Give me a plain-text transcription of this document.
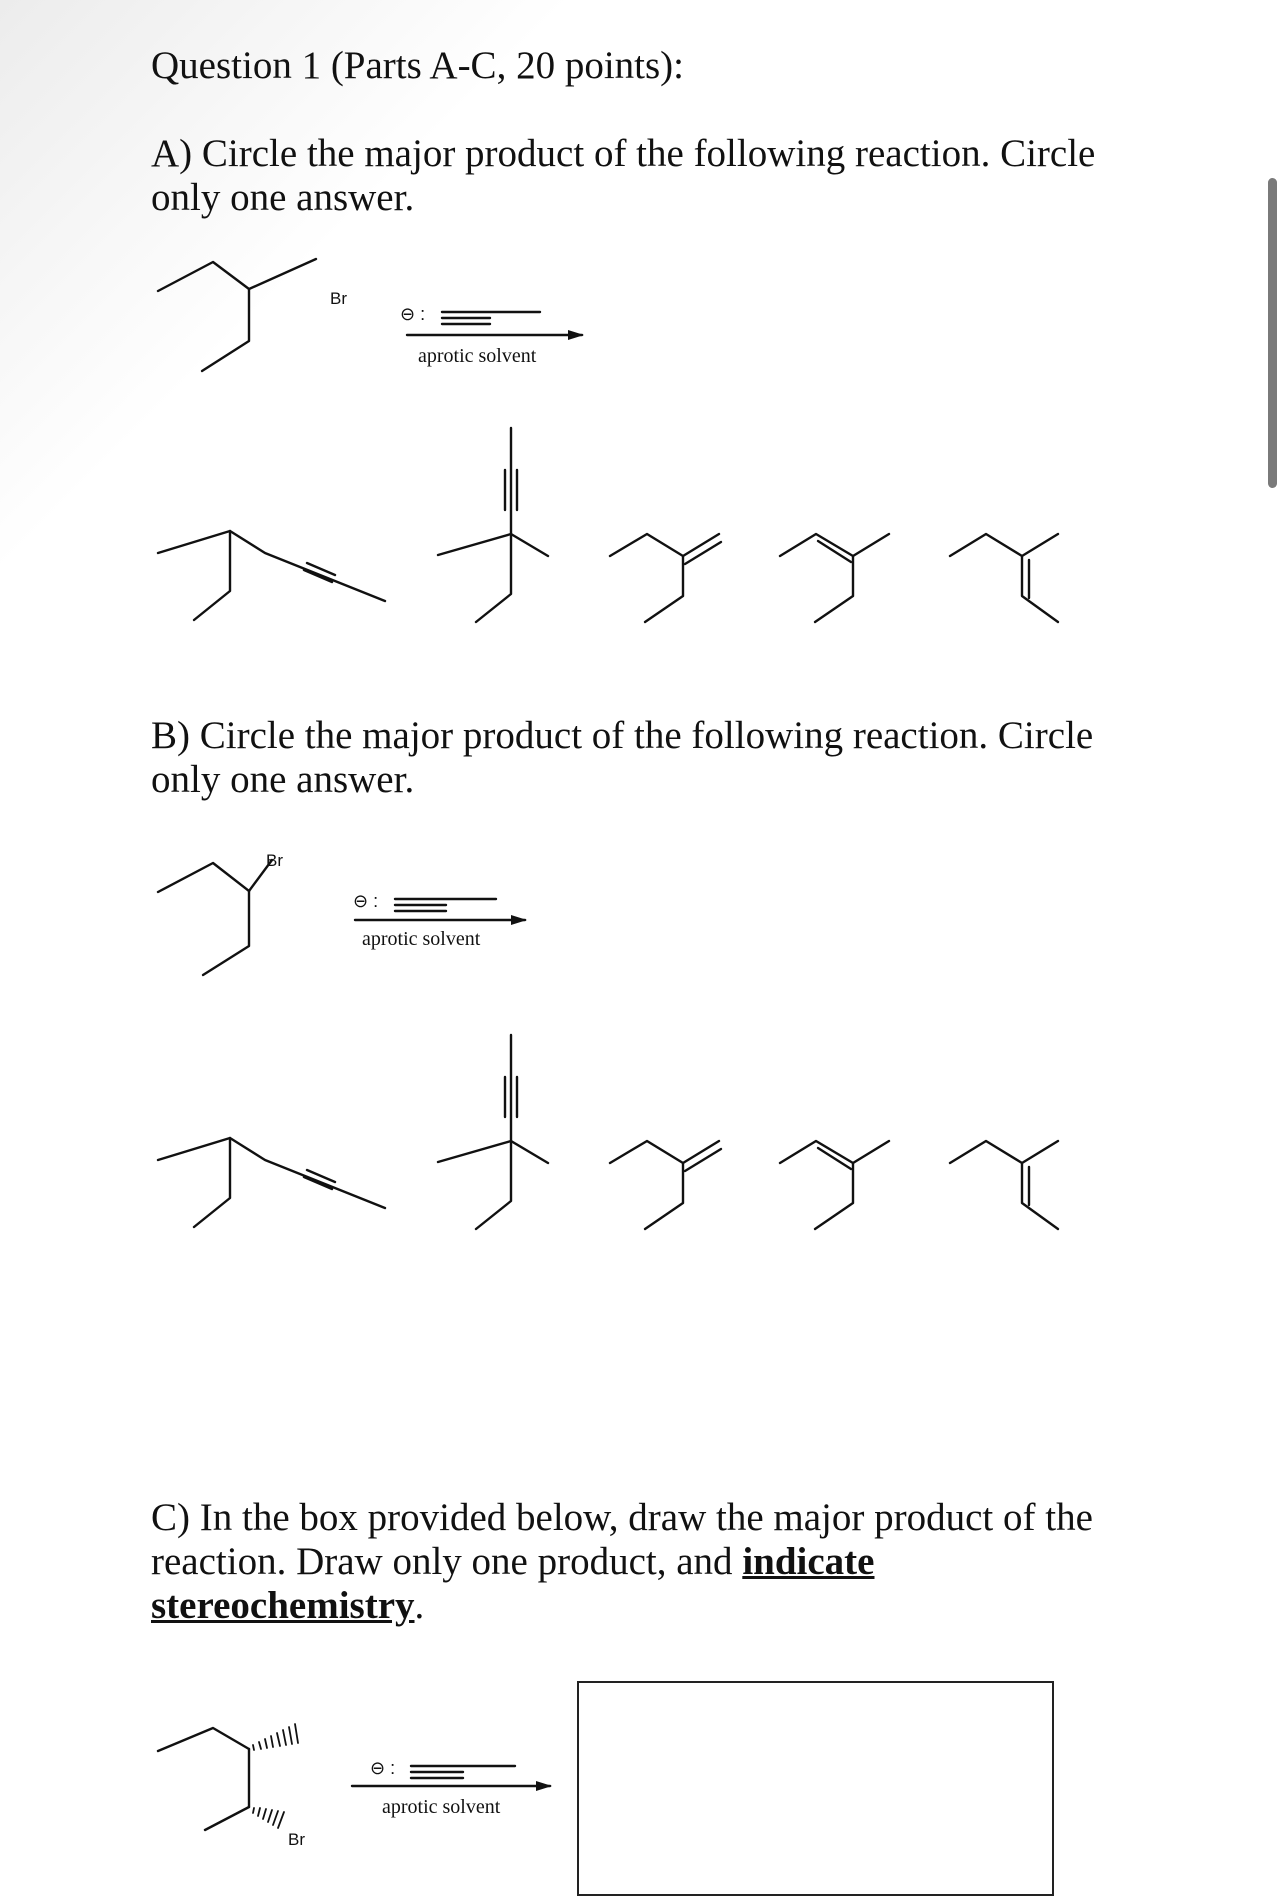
Question 1 (Parts A-C, 20 points):

A) Circle the major product of the following reaction. Circle only one answer.

B) Circle the major product of the following reaction. Circle only one answer.

C) In the box provided below, draw the major product of the reaction. Draw only one product, and indicate stereochemistry.

Br
⊖ :
aprotic solvent
Br
⊖ :
aprotic solvent
Br
⊖ :
aprotic solvent
